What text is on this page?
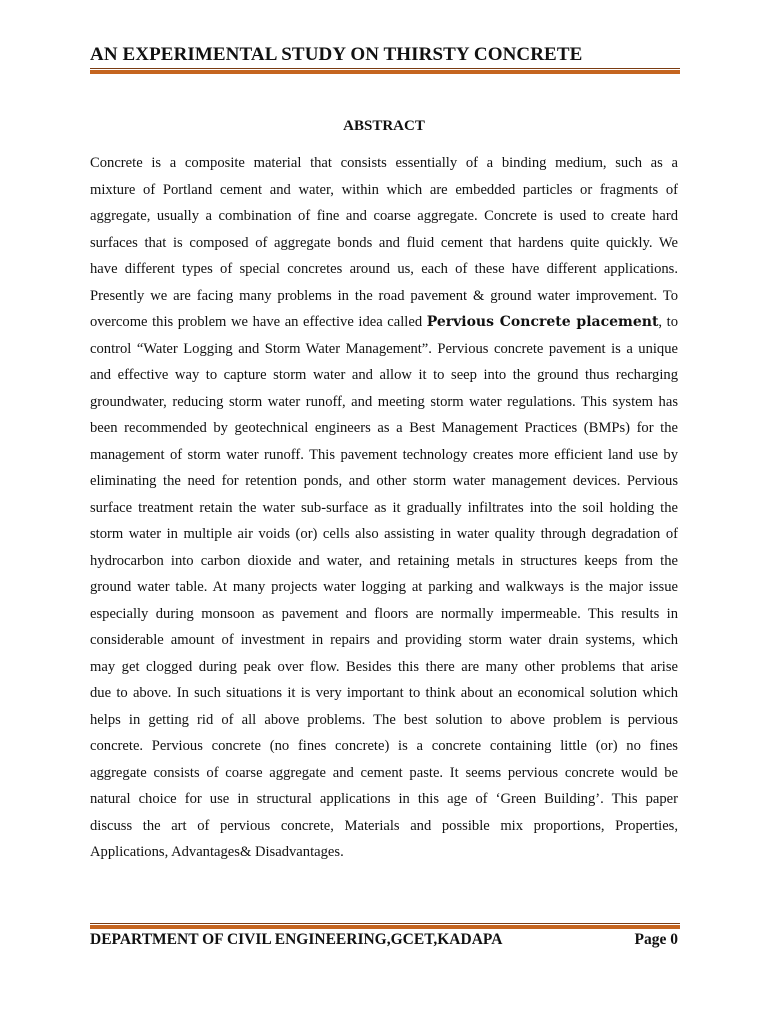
AN EXPERIMENTAL STUDY ON THIRSTY CONCRETE
ABSTRACT
Concrete is a composite material that consists essentially of a binding medium, such as a
mixture of Portland cement and water, within which are embedded particles or fragments of
aggregate, usually a combination of fine and coarse aggregate. Concrete is used to create hard
surfaces that is composed of aggregate bonds and fluid cement that hardens quite quickly. We
have different types of special concretes around us, each of these have different applications.
Presently we are facing many problems in the road pavement & ground water improvement. To
overcome this problem we have an effective idea called Pervious Concrete placement, to
control “Water Logging and Storm Water Management”. Pervious concrete pavement is a unique
and effective way to capture storm water and allow it to seep into the ground thus recharging
groundwater, reducing storm water runoff, and meeting storm water regulations. This system has
been recommended by geotechnical engineers as a Best Management Practices (BMPs) for the
management of storm water runoff. This pavement technology creates more efficient land use by
eliminating the need for retention ponds, and other storm water management devices. Pervious
surface treatment retain the water sub-surface as it gradually infiltrates into the soil holding the
storm water in multiple air voids (or) cells also assisting in water quality through degradation of
hydrocarbon into carbon dioxide and water, and retaining metals in structures keeps from the
ground water table. At many projects water logging at parking and walkways is the major issue
especially during monsoon as pavement and floors are normally impermeable. This results in
considerable amount of investment in repairs and providing storm water drain systems, which
may get clogged during peak over flow. Besides this there are many other problems that arise
due to above. In such situations it is very important to think about an economical solution which
helps in getting rid of all above problems. The best solution to above problem is pervious
concrete. Pervious concrete (no fines concrete) is a concrete containing little (or) no fines
aggregate consists of coarse aggregate and cement paste. It seems pervious concrete would be
natural choice for use in structural applications in this age of ‘Green Building’. This paper
discuss the art of pervious concrete, Materials and possible mix proportions, Properties,
Applications, Advantages& Disadvantages.
DEPARTMENT OF CIVIL ENGINEERING,GCET,KADAPA	Page 0
